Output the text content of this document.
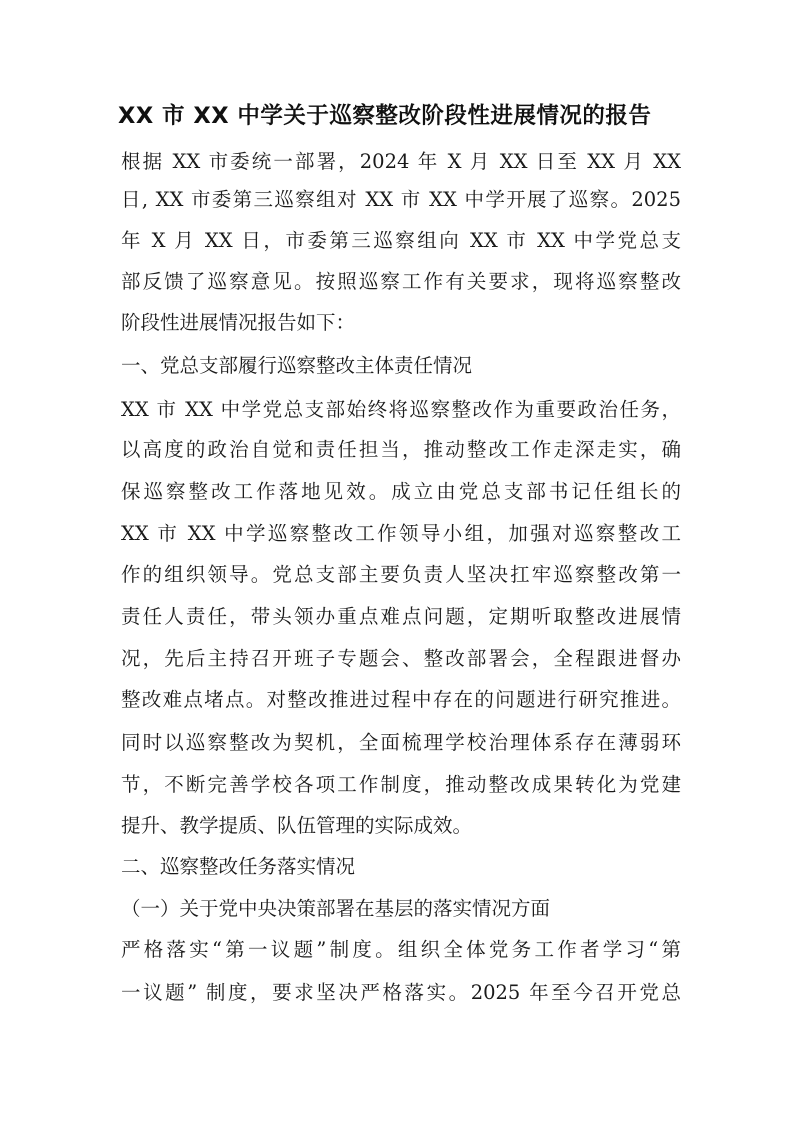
XX 市 XX 中学关于巡察整改阶段性进展情况的报告
根据 XX 市委统一部署，2024 年 X 月 XX 日至 XX 月 XX
日, XX 市委第三巡察组对 XX 市 XX 中学开展了巡察。2025
年 X 月 XX 日，市委第三巡察组向 XX 市 XX 中学党总支
部反馈了巡察意见。按照巡察工作有关要求，现将巡察整改
阶段性进展情况报告如下：
一、党总支部履行巡察整改主体责任情况
XX 市 XX 中学党总支部始终将巡察整改作为重要政治任务，
以高度的政治自觉和责任担当，推动整改工作走深走实，确
保巡察整改工作落地见效。成立由党总支部书记任组长的
XX 市 XX 中学巡察整改工作领导小组，加强对巡察整改工
作的组织领导。党总支部主要负责人坚决扛牢巡察整改第一
责任人责任，带头领办重点难点问题，定期听取整改进展情
况，先后主持召开班子专题会、整改部署会，全程跟进督办
整改难点堵点。对整改推进过程中存在的问题进行研究推进。
同时以巡察整改为契机，全面梳理学校治理体系存在薄弱环
节，不断完善学校各项工作制度，推动整改成果转化为党建
提升、教学提质、队伍管理的实际成效。
二、巡察整改任务落实情况
（一）关于党中央决策部署在基层的落实情况方面
严格落实“第一议题”制度。组织全体党务工作者学习“第
一议题” 制度，要求坚决严格落实。2025 年至今召开党总
